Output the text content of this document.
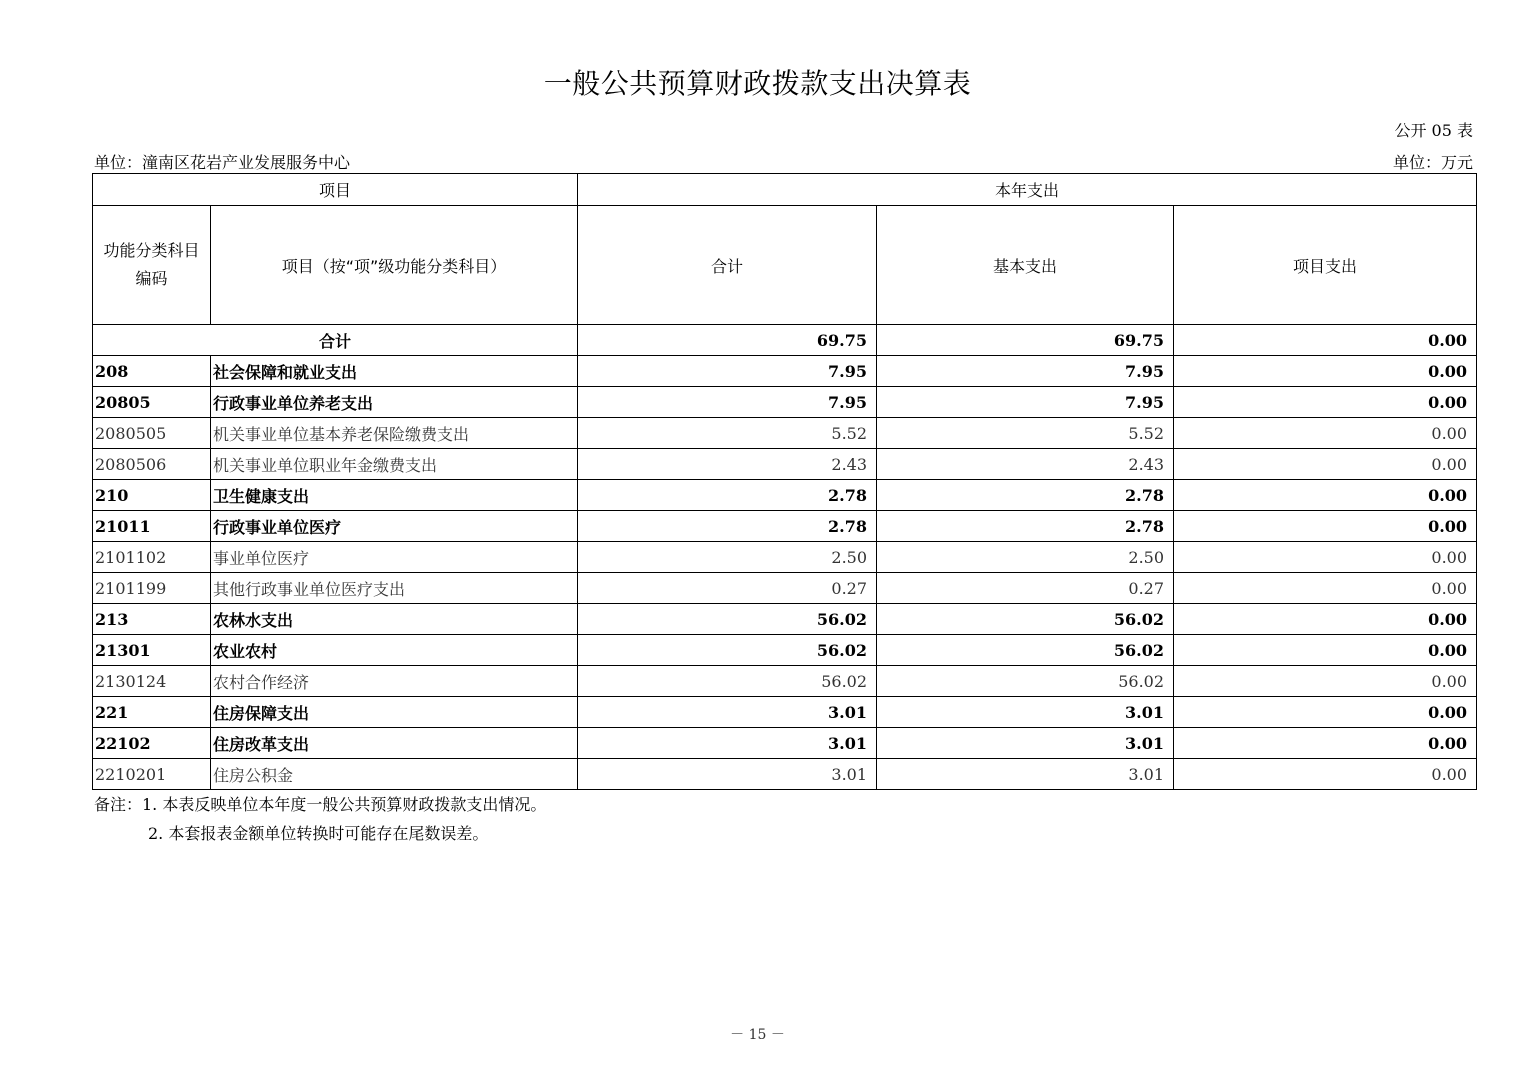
一般公共预算财政拨款支出决算表
公开 05 表
单位：潼南区花岩产业发展服务中心	单位：万元
项目		本年支出		
功能分类科目
编码	项目（按“项”级功能分类科目）	合计	基本支出	项目支出
合计		69.75	69.75	0.00
208	社会保障和就业支出	7.95	7.95	0.00
20805	行政事业单位养老支出	7.95	7.95	0.00
2080505	机关事业单位基本养老保险缴费支出	5.52	5.52	0.00
2080506	机关事业单位职业年金缴费支出	2.43	2.43	0.00
210	卫生健康支出	2.78	2.78	0.00
21011	行政事业单位医疗	2.78	2.78	0.00
2101102	事业单位医疗	2.50	2.50	0.00
2101199	其他行政事业单位医疗支出	0.27	0.27	0.00
213	农林水支出	56.02	56.02	0.00
21301	农业农村	56.02	56.02	0.00
2130124	农村合作经济	56.02	56.02	0.00
221	住房保障支出	3.01	3.01	0.00
22102	住房改革支出	3.01	3.01	0.00
2210201	住房公积金	3.01	3.01	0.00
备注：1. 本表反映单位本年度一般公共预算财政拨款支出情况。
2. 本套报表金额单位转换时可能存在尾数误差。
－ 15 －
